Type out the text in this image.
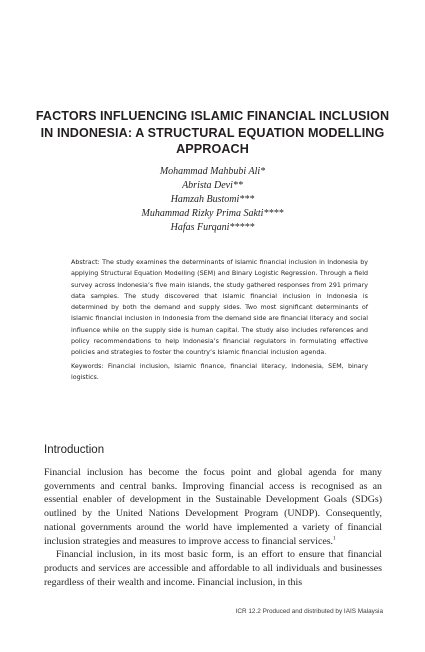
FACTORS INFLUENCING ISLAMIC FINANCIAL INCLUSION IN INDONESIA: A STRUCTURAL EQUATION MODELLING APPROACH
Mohammad Mahbubi Ali*
Abrista Devi**
Hamzah Bustomi***
Muhammad Rizky Prima Sakti****
Hafas Furqani*****

Abstract: The study examines the determinants of Islamic financial inclusion in Indonesia by applying Structural Equation Modelling (SEM) and Binary Logistic Regression. Through a field survey across Indonesia’s five main islands, the study gathered responses from 291 primary data samples. The study discovered that Islamic financial inclusion in Indonesia is determined by both the demand and supply sides. Two most significant determinants of Islamic financial inclusion in Indonesia from the demand side are financial literacy and social influence while on the supply side is human capital. The study also includes references and policy recommendations to help Indonesia’s financial regulators in formulating effective policies and strategies to foster the country’s Islamic financial inclusion agenda.

Keywords: Financial inclusion, Islamic finance, financial literacy, Indonesia, SEM, binary logistics.

Introduction

Financial inclusion has become the focus point and global agenda for many governments and central banks. Improving financial access is recognised as an essential enabler of development in the Sustainable Development Goals (SDGs) outlined by the United Nations Development Program (UNDP). Consequently, national governments around the world have implemented a variety of financial inclusion strategies and measures to improve access to financial services.$^1$

Financial inclusion, in its most basic form, is an effort to ensure that financial products and services are accessible and affordable to all individuals and businesses regardless of their wealth and income. Financial inclusion, in this

ICR 12.2 Produced and distributed by IAIS Malaysia
